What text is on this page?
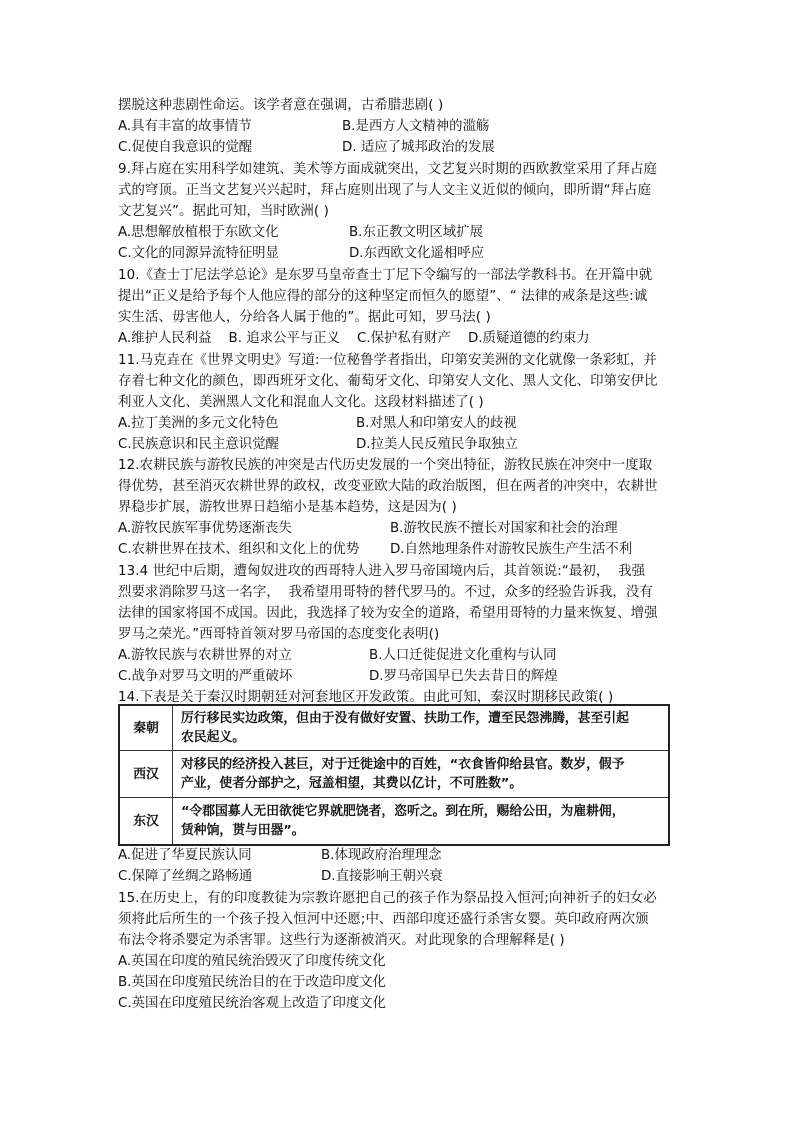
摆脱这种悲剧性命运。该学者意在强调，古希腊悲剧( )
A.具有丰富的故事情节	B.是西方人文精神的滥觞
C.促使自我意识的觉醒	D. 适应了城邦政治的发展
9.拜占庭在实用科学如建筑、美术等方面成就突出，文艺复兴时期的西欧教堂采用了拜占庭
式的穹顶。正当文艺复兴兴起时，拜占庭则出现了与人文主义近似的倾向，即所谓“拜占庭
文艺复兴”。据此可知，当时欧洲( )
A.思想解放植根于东欧文化	B.东正教文明区域扩展
C.文化的同源异流特征明显	D.东西欧文化遥相呼应
10.《查士丁尼法学总论》是东罗马皇帝查士丁尼下令编写的一部法学教科书。在开篇中就
提出“正义是给予每个人他应得的部分的这种坚定而恒久的愿望”、“ 法律的戒条是这些:诚
实生活、毋害他人，分给各人属于他的”。据此可知，罗马法( )
A.维护人民利益    B. 追求公平与正义    C.保护私有财产    D.质疑道德的约束力
11.马克垚在《世界文明史》写道:一位秘鲁学者指出，印第安美洲的文化就像一条彩虹，并
存着七种文化的颜色，即西班牙文化、葡萄牙文化、印第安人文化、黑人文化、印第安伊比
利亚人文化、美洲黑人文化和混血人文化。这段材料描述了( )
A.拉丁美洲的多元文化特色	B.对黑人和印第安人的歧视
C.民族意识和民主意识觉醒	D.拉美人民反殖民争取独立
12.农耕民族与游牧民族的冲突是古代历史发展的一个突出特征，游牧民族在冲突中一度取
得优势，甚至消灭农耕世界的政权，改变亚欧大陆的政治版图，但在两者的冲突中，农耕世
界稳步扩展，游牧世界日趋缩小是基本趋势，这是因为( )
A.游牧民族军事优势逐渐丧失	B.游牧民族不擅长对国家和社会的治理
C.农耕世界在技术、组织和文化上的优势 D.自然地理条件对游牧民族生产生活不利
13.4 世纪中后期，遭匈奴进攻的西哥特人进入罗马帝国境内后，其首领说:“最初，  我强
烈要求消除罗马这一名字，  我希望用哥特的替代罗马的。不过，众多的经验告诉我，没有
法律的国家将国不成国。因此，我选择了较为安全的道路，希望用哥特的力量来恢复、增强
罗马之荣光。”西哥特首领对罗马帝国的态度变化表明()
A.游牧民族与农耕世界的对立	B.人口迁徙促进文化重构与认同
C.战争对罗马文明的严重破坏	D.罗马帝国早已失去昔日的辉煌
14.下表是关于秦汉时期朝廷对河套地区开发政策。由此可知，秦汉时期移民政策( )
秦朝	厉行移民实边政策，但由于没有做好安置、扶助工作，遭至民怨沸腾，甚至引起
农民起义。

西汉	对移民的经济投入甚巨，对于迁徙途中的百姓，“衣食皆仰给县官。数岁，假予
产业，使者分部护之，冠盖相望，其费以亿计，不可胜数”。

东汉	“令郡国募人无田欲徙它界就肥饶者，恣听之。到在所，赐给公田，为雇耕佣，
赁种饷，贳与田器”。
A.促进了华夏民族认同	B.体现政府治理理念
C.保障了丝绸之路畅通	D.直接影响王朝兴衰
15.在历史上，有的印度教徒为宗教许愿把自己的孩子作为祭品投入恒河;向神祈子的妇女必
须将此后所生的一个孩子投入恒河中还愿;中、西部印度还盛行杀害女婴。英印政府两次颁
布法令将杀婴定为杀害罪。这些行为逐渐被消灭。对此现象的合理解释是( )
A.英国在印度的殖民统治毁灭了印度传统文化
B.英国在印度殖民统治目的在于改造印度文化
C.英国在印度殖民统治客观上改造了印度文化
